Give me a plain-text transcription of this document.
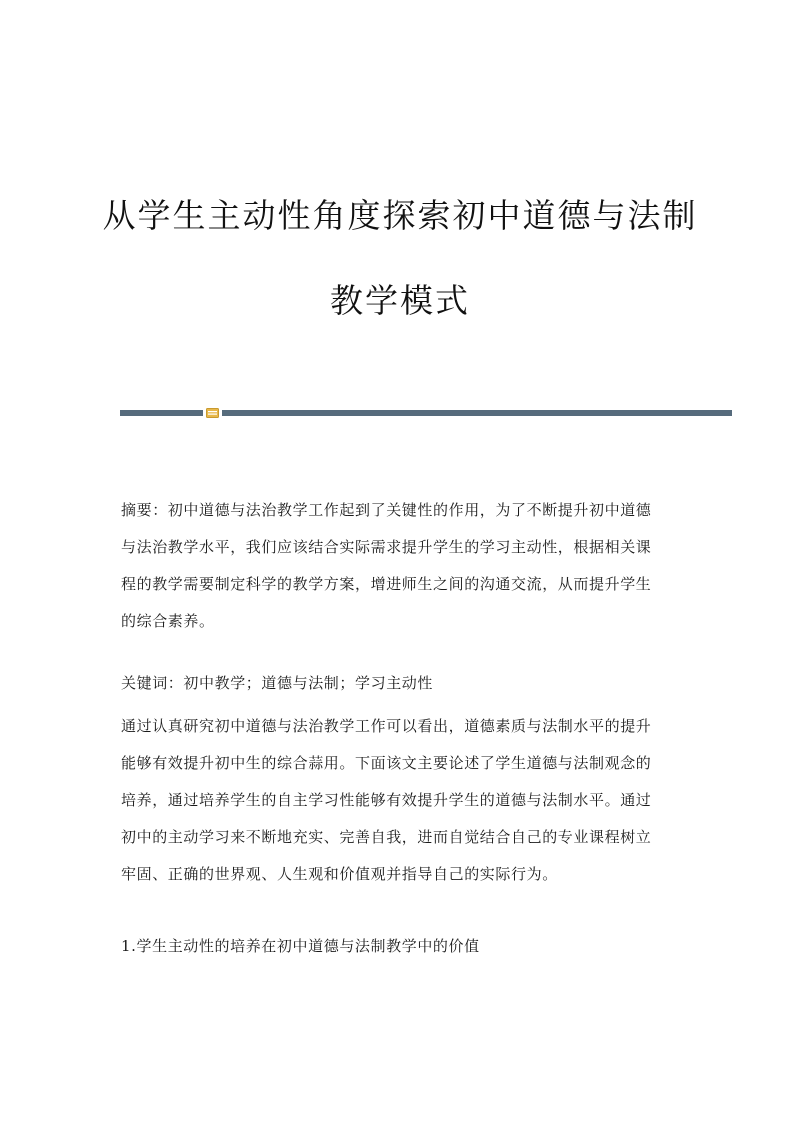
从学生主动性角度探索初中道德与法制
教学模式
摘要：初中道德与法治教学工作起到了关键性的作用，为了不断提升初中道德
与法治教学水平，我们应该结合实际需求提升学生的学习主动性，根据相关课
程的教学需要制定科学的教学方案，增进师生之间的沟通交流，从而提升学生
的综合素养。
关键词：初中教学；道德与法制；学习主动性
通过认真研究初中道德与法治教学工作可以看出，道德素质与法制水平的提升
能够有效提升初中生的综合蒜用。下面该文主要论述了学生道德与法制观念的
培养，通过培养学生的自主学习性能够有效提升学生的道德与法制水平。通过
初中的主动学习来不断地充实、完善自我，进而自觉结合自己的专业课程树立
牢固、正确的世界观、人生观和价值观并指导自己的实际行为。
1.学生主动性的培养在初中道德与法制教学中的价值
